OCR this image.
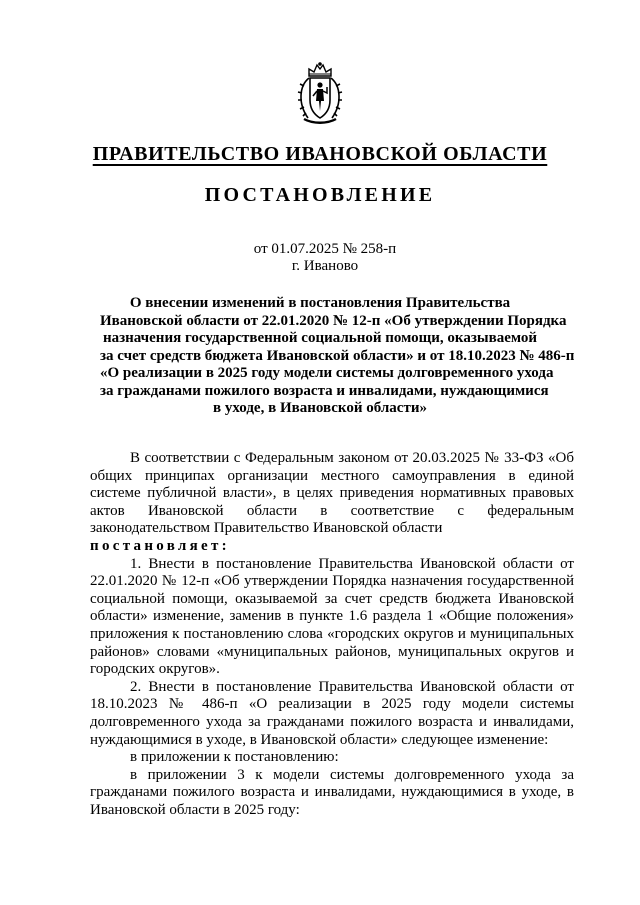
ПРАВИТЕЛЬСТВО ИВАНОВСКОЙ ОБЛАСТИ
ПОСТАНОВЛЕНИЕ

от 01.07.2025 № 258-п

г. Иваново

О внесении изменений в постановления Правительства
Ивановской области от 22.01.2020 № 12-п «Об утверждении Порядка
назначения государственной социальной помощи, оказываемой
за счет средств бюджета Ивановской области» и от 18.10.2023 № 486-п
«О реализации в 2025 году модели системы долговременного ухода
за гражданами пожилого возраста и инвалидами, нуждающимися
в уходе, в Ивановской области»

В соответствии с Федеральным законом от 20.03.2025 № 33-ФЗ «Об общих принципах организации местного самоуправления в единой системе публичной власти», в целях приведения нормативных правовых актов Ивановской области в соответствие с федеральным законодательством Правительство Ивановской области

постановляет:

1. Внести в постановление Правительства Ивановской области от 22.01.2020 № 12-п «Об утверждении Порядка назначения государственной социальной помощи, оказываемой за счет средств бюджета Ивановской области» изменение, заменив в пункте 1.6 раздела 1 «Общие положения» приложения к постановлению слова «городских округов и муниципальных районов» словами «муниципальных районов, муниципальных округов и городских округов».

2. Внести в постановление Правительства Ивановской области от 18.10.2023 № 486-п «О реализации в 2025 году модели системы долговременного ухода за гражданами пожилого возраста и инвалидами, нуждающимися в уходе, в Ивановской области» следующее изменение:

в приложении к постановлению:

в приложении 3 к модели системы долговременного ухода за гражданами пожилого возраста и инвалидами, нуждающимися в уходе, в Ивановской области в 2025 году:
